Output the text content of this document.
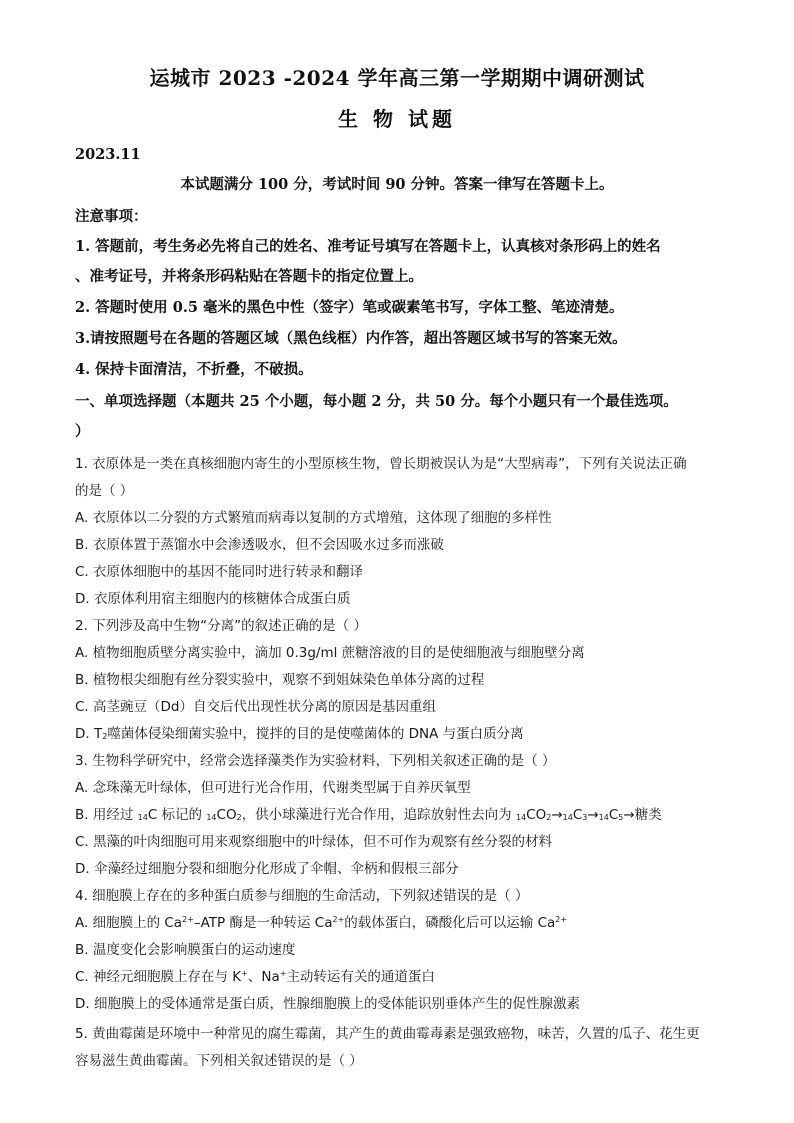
运城市 2023 -2024 学年高三第一学期期中调研测试
生 物 试题
2023.11
本试题满分 100 分，考试时间 90 分钟。答案一律写在答题卡上。
注意事项：
1. 答题前，考生务必先将自己的姓名、准考证号填写在答题卡上，认真核对条形码上的姓名
、准考证号，并将条形码粘贴在答题卡的指定位置上。
2. 答题时使用 0.5 毫米的黑色中性（签字）笔或碳素笔书写，字体工整、笔迹清楚。
3.请按照题号在各题的答题区域（黑色线框）内作答，超出答题区域书写的答案无效。
4. 保持卡面清洁，不折叠，不破损。
一、单项选择题（本题共 25 个小题，每小题 2 分，共 50 分。每个小题只有一个最佳选项。
）
1. 衣原体是一类在真核细胞内寄生的小型原核生物，曾长期被误认为是“大型病毒”，下列有关说法正确
的是（ ）
A. 衣原体以二分裂的方式繁殖而病毒以复制的方式增殖，这体现了细胞的多样性
B. 衣原体置于蒸馏水中会渗透吸水，但不会因吸水过多而涨破
C. 衣原体细胞中的基因不能同时进行转录和翻译
D. 衣原体利用宿主细胞内的核糖体合成蛋白质
2. 下列涉及高中生物“分离”的叙述正确的是（ ）
A. 植物细胞质壁分离实验中，滴加 0.3g/ml 蔗糖溶液的目的是使细胞液与细胞壁分离
B. 植物根尖细胞有丝分裂实验中，观察不到姐妹染色单体分离的过程
C. 高茎豌豆（Dd）自交后代出现性状分离的原因是基因重组
D. T2噬菌体侵染细菌实验中，搅拌的目的是使噬菌体的 DNA 与蛋白质分离
3. 生物科学研究中，经常会选择藻类作为实验材料，下列相关叙述正确的是（ ）
A. 念珠藻无叶绿体，但可进行光合作用，代谢类型属于自养厌氧型
B. 用经过 14C 标记的 14CO2，供小球藻进行光合作用，追踪放射性去向为 14CO2→14C3→14C5→糖类
C. 黑藻的叶肉细胞可用来观察细胞中的叶绿体，但不可作为观察有丝分裂的材料
D. 伞藻经过细胞分裂和细胞分化形成了伞帽、伞柄和假根三部分
4. 细胞膜上存在的多种蛋白质参与细胞的生命活动，下列叙述错误的是（ ）
A. 细胞膜上的 $Ca^{2+}$–ATP 酶是一种转运 $Ca^{2+}$的载体蛋白，磷酸化后可以运输 $Ca^{2+}$
B. 温度变化会影响膜蛋白的运动速度
C. 神经元细胞膜上存在与 K+、Na+主动转运有关的通道蛋白
D. 细胞膜上的受体通常是蛋白质，性腺细胞膜上的受体能识别垂体产生的促性腺激素
5. 黄曲霉菌是环境中一种常见的腐生霉菌，其产生的黄曲霉毒素是强致癌物，味苦，久置的瓜子、花生更
容易滋生黄曲霉菌。下列相关叙述错误的是（ ）
